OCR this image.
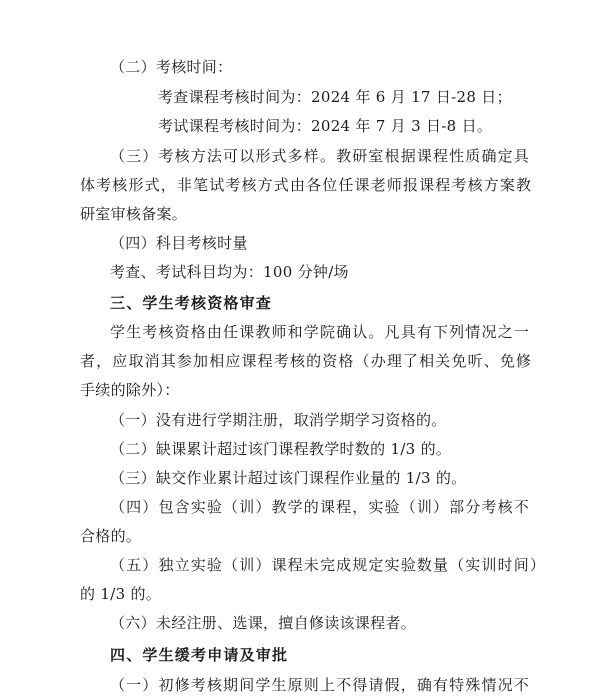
（二）考核时间：
考查课程考核时间为：2024 年 6 月 17 日-28 日；
考试课程考核时间为：2024 年 7 月 3 日-8 日。
（三）考核方法可以形式多样。教研室根据课程性质确定具
体考核形式，非笔试考核方式由各位任课老师报课程考核方案教
研室审核备案。
（四）科目考核时量
考查、考试科目均为：100 分钟/场
三、学生考核资格审查
学生考核资格由任课教师和学院确认。凡具有下列情况之一
者，应取消其参加相应课程考核的资格（办理了相关免听、免修
手续的除外）：
（一）没有进行学期注册，取消学期学习资格的。
（二）缺课累计超过该门课程教学时数的 1/3 的。
（三）缺交作业累计超过该门课程作业量的 1/3 的。
（四）包含实验（训）教学的课程，实验（训）部分考核不
合格的。
（五）独立实验（训）课程未完成规定实验数量（实训时间）
的 1/3 的。
（六）未经注册、选课，擅自修读该课程者。
四、学生缓考申请及审批
（一）初修考核期间学生原则上不得请假，确有特殊情况不
